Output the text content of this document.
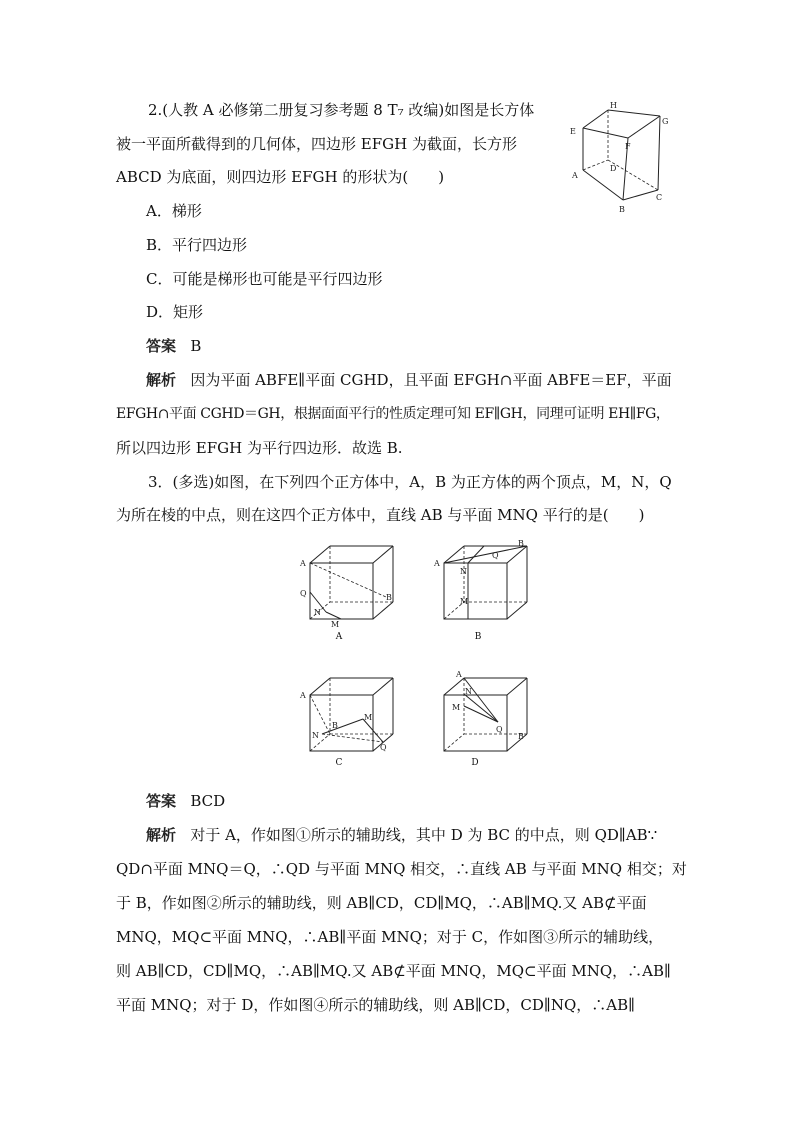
2.(人教 A 必修第二册复习参考题 8 T₇ 改编)如图是长方体
被一平面所截得到的几何体，四边形 EFGH 为截面，长方形
ABCD 为底面，则四边形 EFGH 的形状为(　　)
A．梯形
B．平行四边形
C．可能是梯形也可能是平行四边形
D．矩形
答案 B
解析 因为平面 ABFE∥平面 CGHD，且平面 EFGH∩平面 ABFE＝EF，平面
EFGH∩平面 CGHD＝GH，根据面面平行的性质定理可知 EF∥GH，同理可证明 EH∥FG，
所以四边形 EFGH 为平行四边形．故选 B.
H
G
E
F
D
A
B
C
3．(多选)如图，在下列四个正方体中，A，B 为正方体的两个顶点，M，N，Q
为所在棱的中点，则在这四个正方体中，直线 AB 与平面 MNQ 平行的是(　　)
A
Q
N
M
B
A
A
B
N
M
Q
B
A
N
B
M
Q
C
A
N
M
Q
B
D
答案 BCD
解析 对于 A，作如图①所示的辅助线，其中 D 为 BC 的中点，则 QD∥AB∵
QD∩平面 MNQ＝Q，∴QD 与平面 MNQ 相交，∴直线 AB 与平面 MNQ 相交；对
于 B，作如图②所示的辅助线，则 AB∥CD，CD∥MQ，∴AB∥MQ.又 AB⊄平面
MNQ，MQ⊂平面 MNQ，∴AB∥平面 MNQ；对于 C，作如图③所示的辅助线，
则 AB∥CD，CD∥MQ，∴AB∥MQ.又 AB⊄平面 MNQ，MQ⊂平面 MNQ，∴AB∥
平面 MNQ；对于 D，作如图④所示的辅助线，则 AB∥CD，CD∥NQ，∴AB∥
